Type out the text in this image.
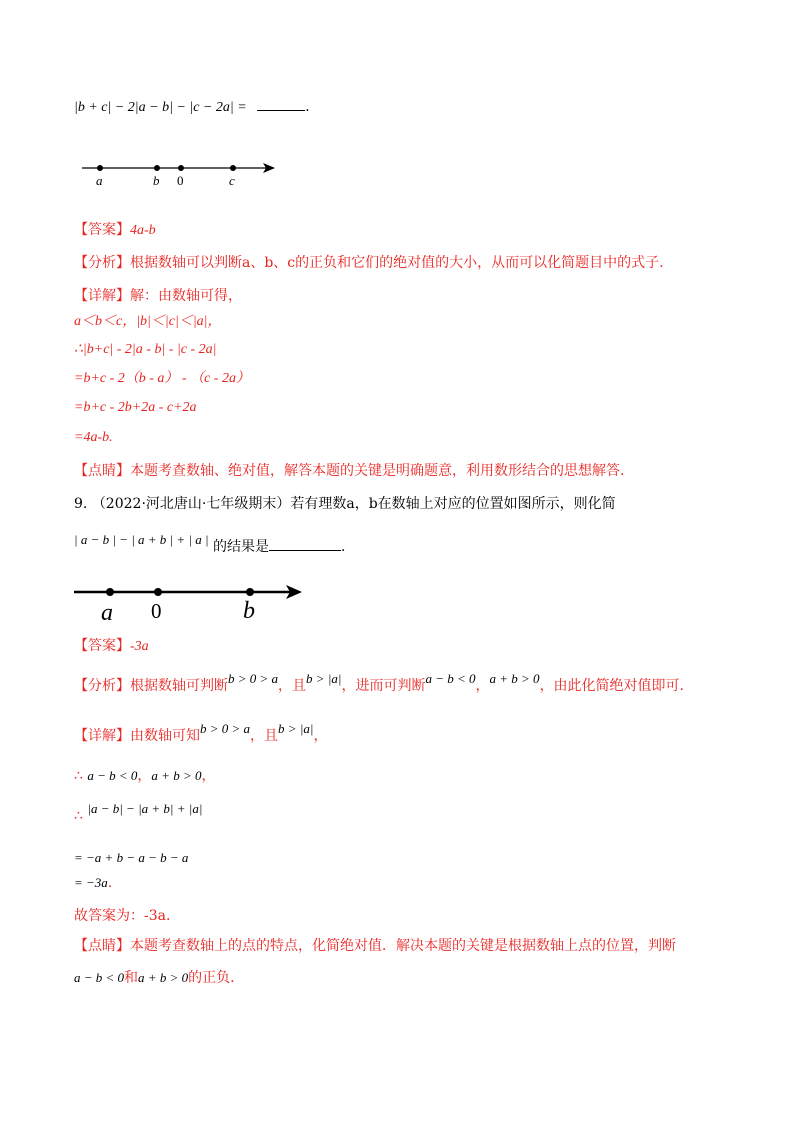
|b + c| − 2|a − b| − |c − 2a| =	.
a	b 0	c
【答案】4a-b
【分析】根据数轴可以判断a、b、c的正负和它们的绝对值的大小，从而可以化简题目中的式子.
【详解】解：由数轴可得，
a＜b＜c，|b|＜|c|＜|a|，
∴|b+c| - 2|a - b| - |c - 2a|
=b+c - 2（b - a） - （c - 2a）
=b+c - 2b+2a - c+2a
=4a-b.
【点睛】本题考查数轴、绝对值，解答本题的关键是明确题意，利用数形结合的思想解答.
9. （2022·河北唐山·七年级期末）若有理数a，b在数轴上对应的位置如图所示，则化简
| a − b | − | a + b | + | a | 的结果是	.
a 0	b
【答案】-3a
【分析】根据数轴可判断b > 0 > a，且b > |a|，进而可判断a − b < 0，a + b > 0，由此化简绝对值即可.
【详解】由数轴可知b > 0 > a，且b > |a|，
∴ a − b < 0，a + b > 0，
∴ |a − b| − |a + b| + |a|
= −a + b − a − b − a
= −3a.
故答案为：-3a.
【点睛】本题考查数轴上的点的特点，化简绝对值．解决本题的关键是根据数轴上点的位置，判断
a − b < 0和a + b > 0的正负.
